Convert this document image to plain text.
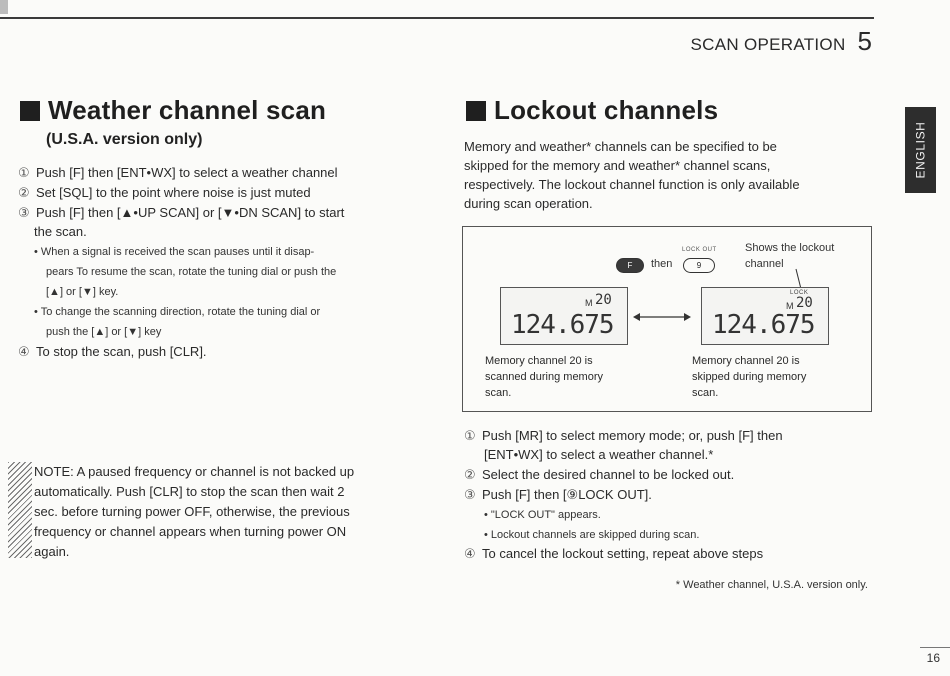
SCAN OPERATION 5
ENGLISH
Weather channel scan
(U.S.A. version only)
① Push [F] then [ENT•WX] to select a weather channel
② Set [SQL] to the point where noise is just muted
③ Push [F] then [▲•UP SCAN] or [▼•DN SCAN] to start
the scan.
• When a signal is received the scan pauses until it disap-
pears To resume the scan, rotate the tuning dial or push the
[▲] or [▼] key.
• To change the scanning direction, rotate the tuning dial or
push the [▲] or [▼] key
④ To stop the scan, push [CLR].
NOTE: A paused frequency or channel is not backed up
automatically. Push [CLR] to stop the scan then wait 2
sec. before turning power OFF, otherwise, the previous
frequency or channel appears when turning power ON
again.
Lockout channels
Memory and weather* channels can be specified to be
skipped for the memory and weather* channel scans,
respectively. The lockout channel function is only available
during scan operation.
F	then
LOCK OUT
9
Shows the lockout
channel
M 20
124.675
LOCK
M 20
124.675
Memory channel 20 is
scanned during memory
scan.
Memory channel 20 is
skipped during memory
scan.
① Push [MR] to select memory mode; or, push [F] then
[ENT•WX] to select a weather channel.*
② Select the desired channel to be locked out.
③ Push [F] then [⑨LOCK OUT].
• "LOCK OUT" appears.
• Lockout channels are skipped during scan.
④ To cancel the lockout setting, repeat above steps
* Weather channel, U.S.A. version only.
16
